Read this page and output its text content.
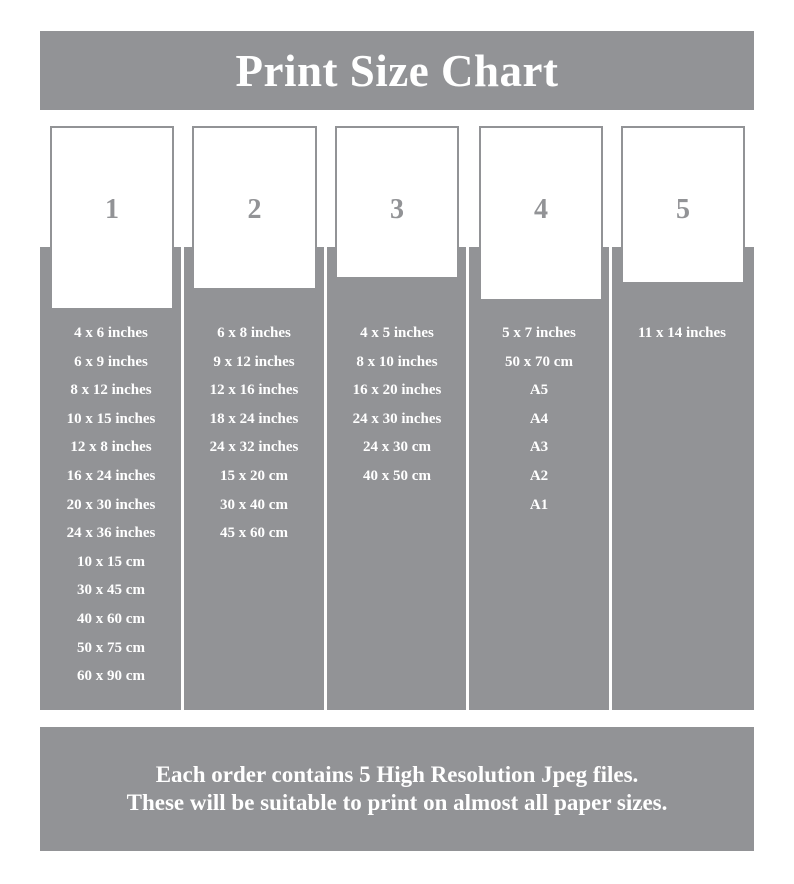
Print Size Chart
1
4 x 6 inches
6 x 9 inches
8 x 12 inches
10 x 15 inches
12 x 8 inches
16 x 24 inches
20 x 30 inches
24 x 36 inches
10 x 15 cm
30 x 45 cm
40 x 60 cm
50 x 75 cm
60 x 90 cm
2
6 x 8 inches
9 x 12 inches
12 x 16 inches
18 x 24 inches
24 x 32 inches
15 x 20 cm
30 x 40 cm
45 x 60 cm
3
4 x 5 inches
8 x 10 inches
16 x 20 inches
24 x 30 inches
24 x 30 cm
40 x 50 cm
4
5 x 7 inches
50 x 70 cm
A5
A4
A3
A2
A1
5
11 x 14 inches

Each order contains 5 High Resolution Jpeg files.

These will be suitable to print on almost all paper sizes.
